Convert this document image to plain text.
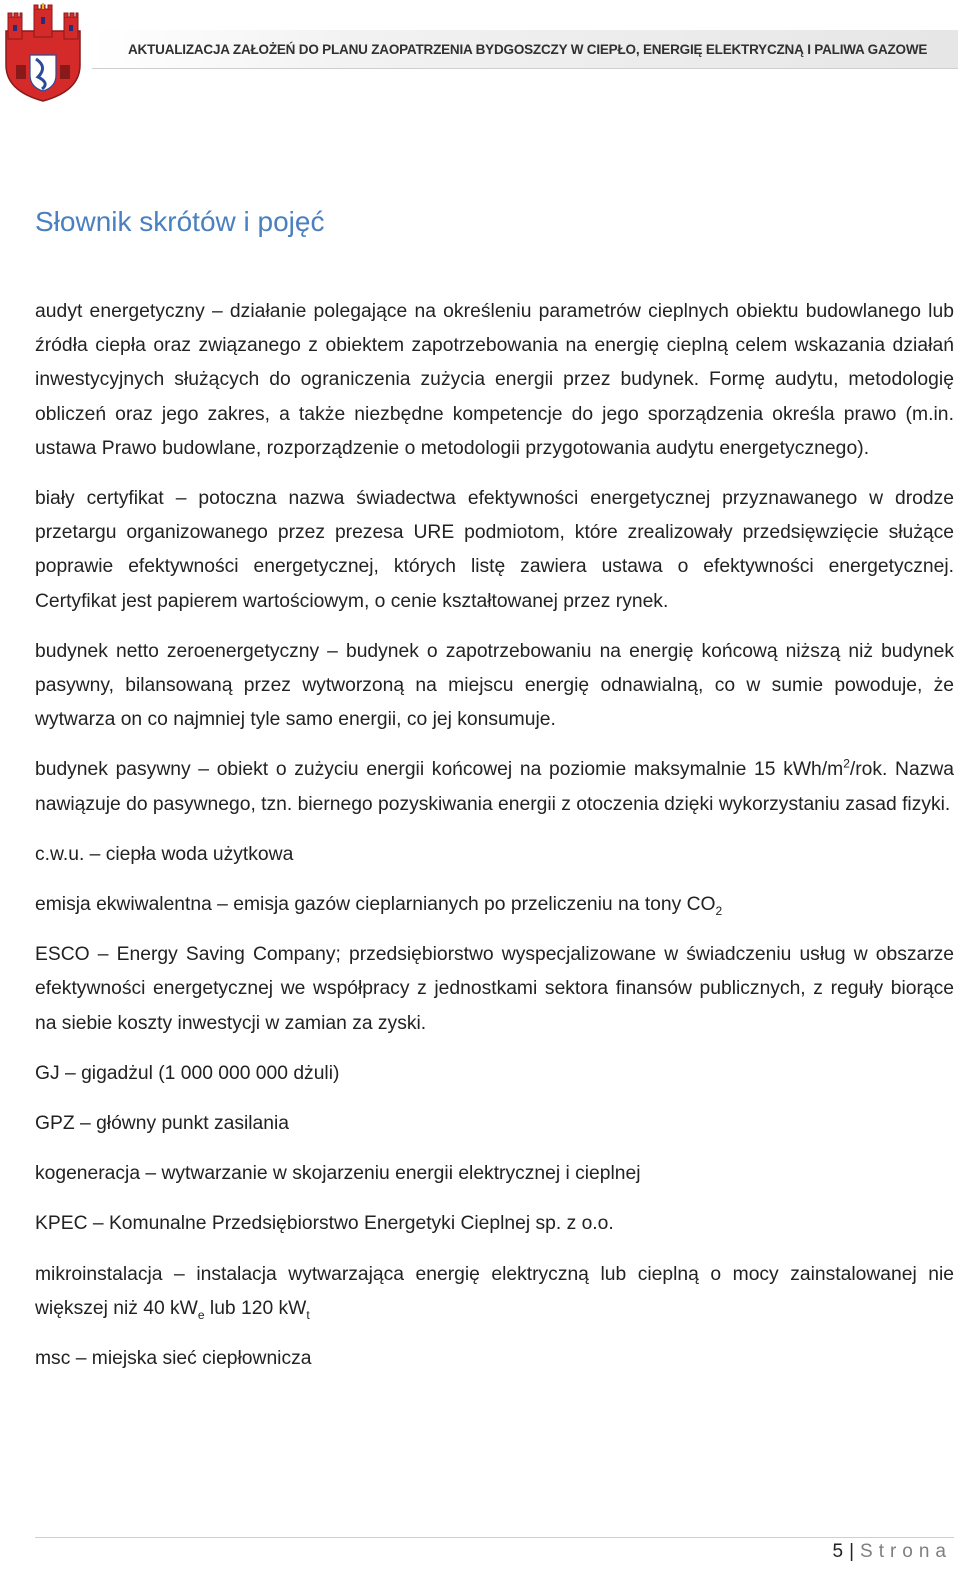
AKTUALIZACJA ZAŁOŻEŃ DO PLANU ZAOPATRZENIA BYDGOSZCZY W CIEPŁO, ENERGIĘ ELEKTRYCZNĄ I PALIWA GAZOWE
Słownik skrótów i pojęć

audyt energetyczny – działanie polegające na określeniu parametrów cieplnych obiektu budowlanego lub źródła ciepła oraz związanego z obiektem zapotrzebowania na energię cieplną celem wskazania działań inwestycyjnych służących do ograniczenia zużycia energii przez budynek. Formę audytu, metodologię obliczeń oraz jego zakres, a także niezbędne kompetencje do jego sporządzenia określa prawo (m.in. ustawa Prawo budowlane, rozporządzenie o metodologii przygotowania audytu energetycznego).

biały certyfikat – potoczna nazwa świadectwa efektywności energetycznej przyznawanego w drodze przetargu organizowanego przez prezesa URE podmiotom, które zrealizowały przedsięwzięcie służące poprawie efektywności energetycznej, których listę zawiera ustawa o efektywności energetycznej. Certyfikat jest papierem wartościowym, o cenie kształtowanej przez rynek.

budynek netto zeroenergetyczny – budynek o zapotrzebowaniu na energię końcową niższą niż budynek pasywny, bilansowaną przez wytworzoną na miejscu energię odnawialną, co w sumie powoduje, że wytwarza on co najmniej tyle samo energii, co jej konsumuje.

budynek pasywny – obiekt o zużyciu energii końcowej na poziomie maksymalnie 15 kWh/$m^2$/rok. Nazwa nawiązuje do pasywnego, tzn. biernego pozyskiwania energii z otoczenia dzięki wykorzystaniu zasad fizyki.

c.w.u. – ciepła woda użytkowa

emisja ekwiwalentna – emisja gazów cieplarnianych po przeliczeniu na tony $CO_2$

ESCO – Energy Saving Company; przedsiębiorstwo wyspecjalizowane w świadczeniu usług w obszarze efektywności energetycznej we współpracy z jednostkami sektora finansów publicznych, z reguły biorące na siebie koszty inwestycji w zamian za zyski.

GJ – gigadżul (1 000 000 000 dżuli)

GPZ – główny punkt zasilania

kogeneracja – wytwarzanie w skojarzeniu energii elektrycznej i cieplnej

KPEC – Komunalne Przedsiębiorstwo Energetyki Cieplnej sp. z o.o.

mikroinstalacja – instalacja wytwarzająca energię elektryczną lub cieplną o mocy zainstalowanej nie większej niż 40 $kW_e$ lub 120 $kW_t$

msc – miejska sieć ciepłownicza

5 | Strona
